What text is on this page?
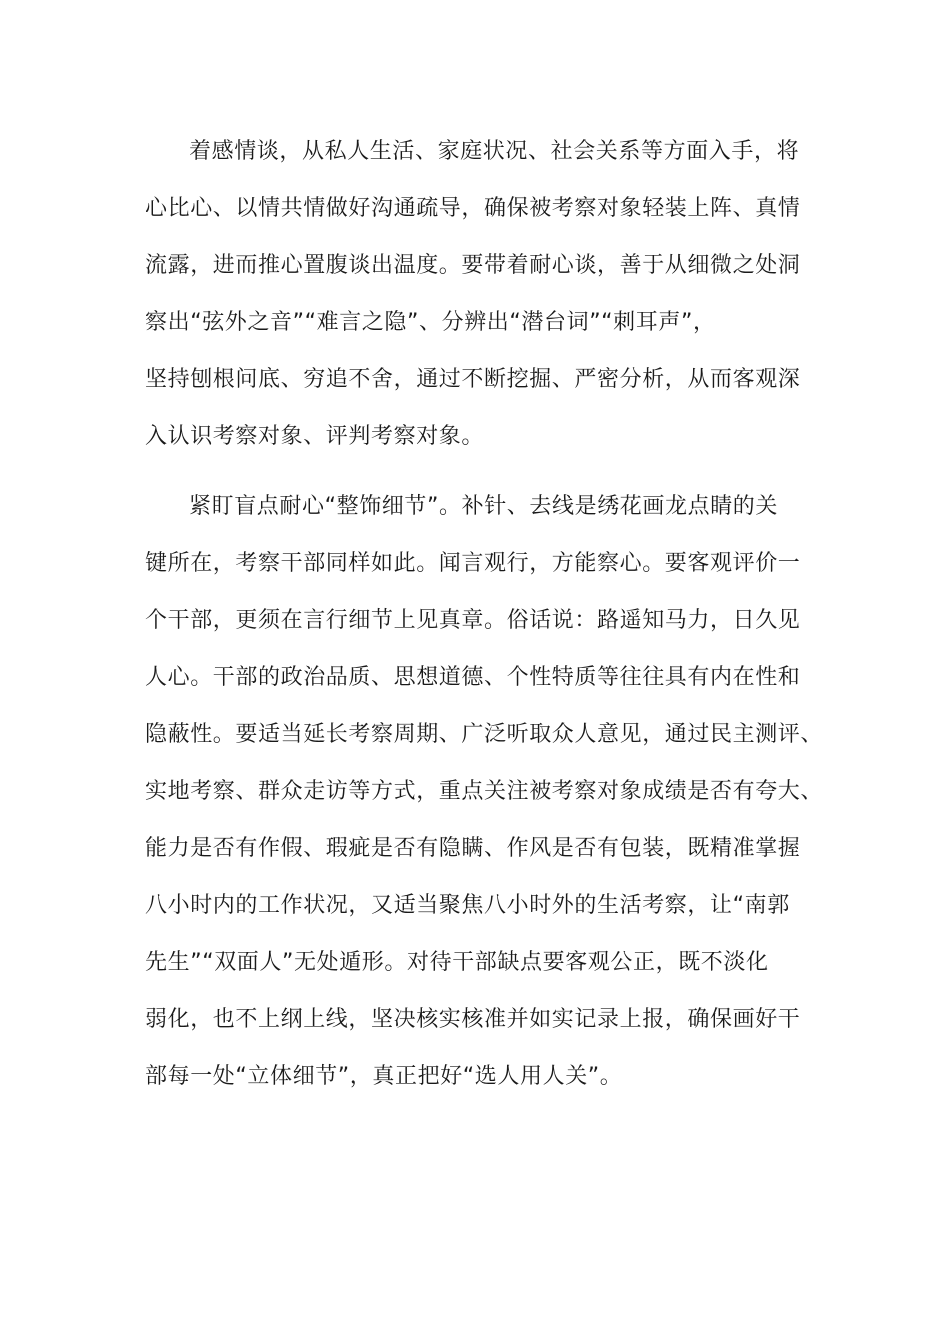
着感情谈，从私人生活、家庭状况、社会关系等方面入手，将
心比心、以情共情做好沟通疏导，确保被考察对象轻装上阵、真情
流露，进而推心置腹谈出温度。要带着耐心谈，善于从细微之处洞
察出“弦外之音”“难言之隐”、分辨出“潜台词”“刺耳声”，
坚持刨根问底、穷追不舍，通过不断挖掘、严密分析，从而客观深
入认识考察对象、评判考察对象。
紧盯盲点耐心“整饰细节”。补针、去线是绣花画龙点睛的关
键所在，考察干部同样如此。闻言观行，方能察心。要客观评价一
个干部，更须在言行细节上见真章。俗话说：路遥知马力，日久见
人心。干部的政治品质、思想道德、个性特质等往往具有内在性和
隐蔽性。要适当延长考察周期、广泛听取众人意见，通过民主测评、
实地考察、群众走访等方式，重点关注被考察对象成绩是否有夸大、
能力是否有作假、瑕疵是否有隐瞒、作风是否有包装，既精准掌握
八小时内的工作状况，又适当聚焦八小时外的生活考察，让“南郭
先生”“双面人”无处遁形。对待干部缺点要客观公正，既不淡化
弱化，也不上纲上线，坚决核实核准并如实记录上报，确保画好干
部每一处“立体细节”，真正把好“选人用人关”。
